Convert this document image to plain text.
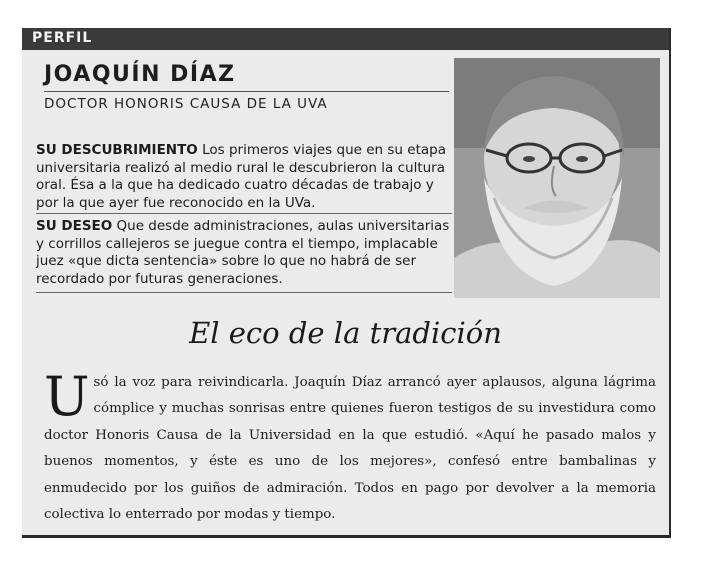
PERFIL
JOAQUÍN DÍAZ
DOCTOR HONORIS CAUSA DE LA UVA
SU DESCUBRIMIENTO Los primeros viajes que en su etapa universitaria realizó al medio rural le descubrieron la cultura oral. Ésa a la que ha dedicado cuatro décadas de trabajo y por la que ayer fue reconocido en la UVa.
SU DESEO Que desde administraciones, aulas universitarias y corrillos callejeros se juegue contra el tiempo, implacable juez «que dicta sentencia» sobre lo que no habrá de ser recordado por futuras generaciones.
El eco de la tradición
U só la voz para reivindicarla. Joaquín Díaz arrancó ayer aplausos, alguna lágrima cómplice y muchas sonrisas entre quienes fueron testigos de su investidura como doctor Honoris Causa de la Universidad en la que estudió. «Aquí he pasado malos y buenos momentos, y éste es uno de los mejores», confesó entre bambalinas y enmudecido por los guiños de admiración. Todos en pago por devolver a la memoria colectiva lo enterrado por modas y tiempo.
